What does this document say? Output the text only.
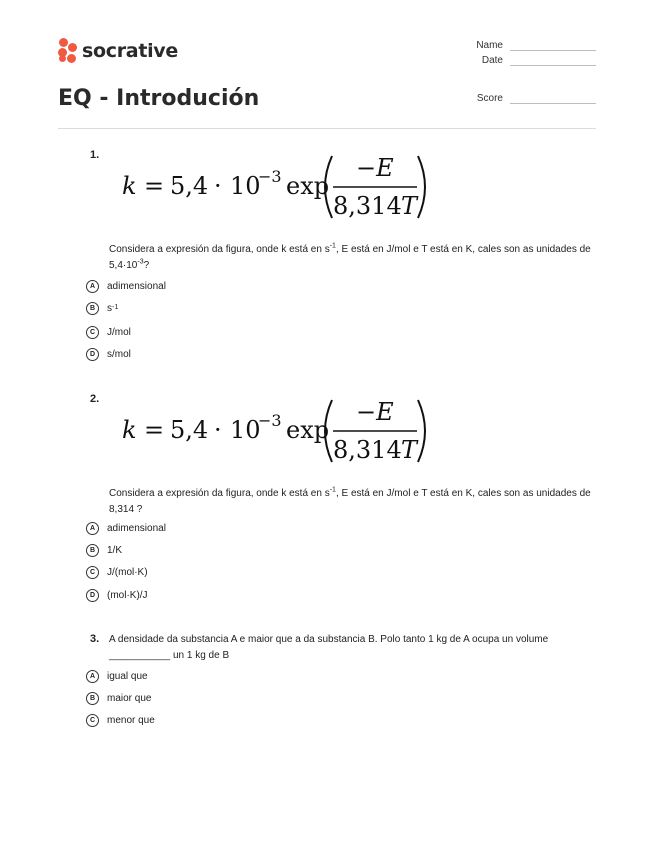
socrative
EQ - Introdución
Name
Date
Score
1.
k = 5,4 · 10
−3 exp
−E
8,314 T

Considera a expresión da figura, onde k está en $s^{-1}$, E está en J/mol e T está en K, cales son as unidades de $5,4\cdot 10^{-3}$?

A	adimensional
B	s -1
C	J/mol
D	s/mol
2.
k = 5,4 · 10
−3 exp
−E
8,314 T

Considera a expresión da figura, onde k está en $s^{-1}$, E está en J/mol e T está en K, cales son as unidades de 8,314 ?

A	adimensional
B	1/K
C	J/(mol·K)
D	(mol·K)/J
3. A densidade da substancia A e maior que a da substancia B. Polo tanto 1 kg de A ocupa un volume ___________ un 1 kg de B

A	igual que
B	maior que
C	menor que
